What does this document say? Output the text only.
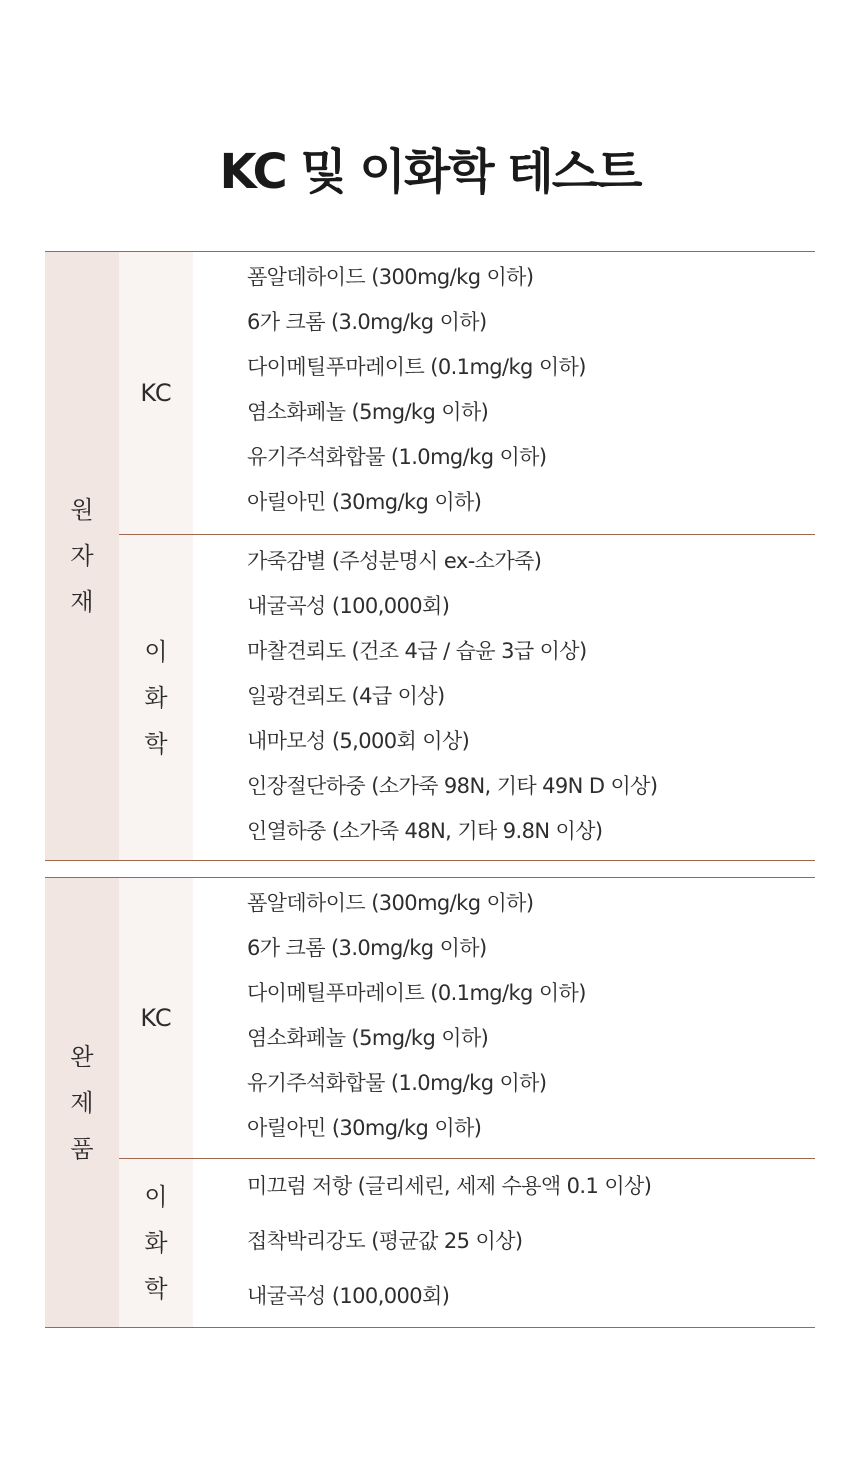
KC 및 이화학 테스트
원
자
재
KC
폼알데하이드 (300mg/kg 이하)
6가 크롬 (3.0mg/kg 이하)
다이메틸푸마레이트 (0.1mg/kg 이하)
염소화페놀 (5mg/kg 이하)
유기주석화합물 (1.0mg/kg 이하)
아릴아민 (30mg/kg 이하)
이
화
학
가죽감별 (주성분명시 ex-소가죽)
내굴곡성 (100,000회)
마찰견뢰도 (건조 4급 / 습윤 3급 이상)
일광견뢰도 (4급 이상)
내마모성 (5,000회 이상)
인장절단하중 (소가죽 98N, 기타 49N D 이상)
인열하중 (소가죽 48N, 기타 9.8N 이상)
완
제
품
KC
폼알데하이드 (300mg/kg 이하)
6가 크롬 (3.0mg/kg 이하)
다이메틸푸마레이트 (0.1mg/kg 이하)
염소화페놀 (5mg/kg 이하)
유기주석화합물 (1.0mg/kg 이하)
아릴아민 (30mg/kg 이하)
이
화
학
미끄럼 저항 (글리세린, 세제 수용액 0.1 이상)
접착박리강도 (평균값 25 이상)
내굴곡성 (100,000회)
